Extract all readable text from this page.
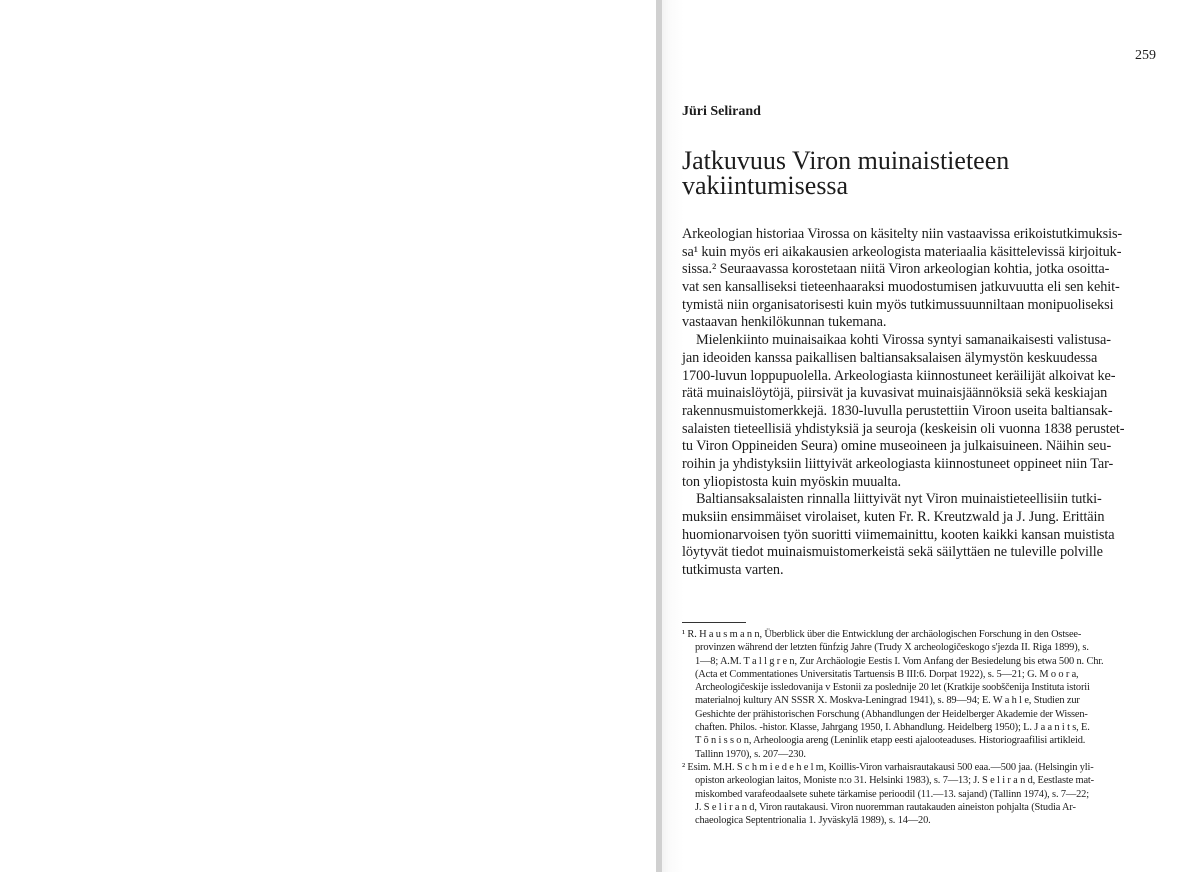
259
Jüri Selirand
Jatkuvuus Viron muinaistieteen
vakiintumisessa
Arkeologian historiaa Virossa on käsitelty niin vastaavissa erikoistutkimuksis-
sa¹ kuin myös eri aikakausien arkeologista materiaalia käsittelevissä kirjoituk-
sissa.² Seuraavassa korostetaan niitä Viron arkeologian kohtia, jotka osoitta-
vat sen kansalliseksi tieteenhaaraksi muodostumisen jatkuvuutta eli sen kehit-
tymistä niin organisatorisesti kuin myös tutkimussuunniltaan monipuoliseksi
vastaavan henkilökunnan tukemana.
Mielenkiinto muinaisaikaa kohti Virossa syntyi samanaikaisesti valistusa-
jan ideoiden kanssa paikallisen baltiansaksalaisen älymystön keskuudessa
1700-luvun loppupuolella. Arkeologiasta kiinnostuneet keräilijät alkoivat ke-
rätä muinaislöytöjä, piirsivät ja kuvasivat muinaisjäännöksiä sekä keskiajan
rakennusmuistomerkkejä. 1830-luvulla perustettiin Viroon useita baltiansak-
salaisten tieteellisiä yhdistyksiä ja seuroja (keskeisin oli vuonna 1838 perustet-
tu Viron Oppineiden Seura) omine museoineen ja julkaisuineen. Näihin seu-
roihin ja yhdistyksiin liittyivät arkeologiasta kiinnostuneet oppineet niin Tar-
ton yliopistosta kuin myöskin muualta.
Baltiansaksalaisten rinnalla liittyivät nyt Viron muinaistieteellisiin tutki-
muksiin ensimmäiset virolaiset, kuten Fr. R. Kreutzwald ja J. Jung. Erittäin
huomionarvoisen työn suoritti viimemainittu, kooten kaikki kansan muistista
löytyvät tiedot muinaismuistomerkeistä sekä säilyttäen ne tuleville polville
tutkimusta varten.
¹ R. H a u s m a n n, Überblick über die Entwicklung der archäologischen Forschung in den Ostsee-
provinzen während der letzten fünfzig Jahre (Trudy X archeologičeskogo s'jezda II. Riga 1899), s.
1—8; A.M. T a l l g r e n, Zur Archäologie Eestis I. Vom Anfang der Besiedelung bis etwa 500 n. Chr.
(Acta et Commentationes Universitatis Tartuensis B III:6. Dorpat 1922), s. 5—21; G. M o o r a,
Archeologičeskije issledovanija v Estonii za poslednije 20 let (Kratkije soobščenija Instituta istorii
materialnoj kultury AN SSSR X. Moskva-Leningrad 1941), s. 89—94; E. W a h l e, Studien zur
Geshichte der prähistorischen Forschung (Abhandlungen der Heidelberger Akademie der Wissen-
chaften. Philos. -histor. Klasse, Jahrgang 1950, I. Abhandlung. Heidelberg 1950); L. J a a n i t s, E.
T õ n i s s o n, Arheoloogia areng (Leninlik etapp eesti ajalooteaduses. Historiograafilisi artikleid.
Tallinn 1970), s. 207—230.
² Esim. M.H. S c h m i e d e h e l m, Koillis-Viron varhaisrautakausi 500 eaa.—500 jaa. (Helsingin yli-
opiston arkeologian laitos, Moniste n:o 31. Helsinki 1983), s. 7—13; J. S e l i r a n d, Eestlaste mat-
miskombed varafeodaalsete suhete tärkamise perioodil (11.—13. sajand) (Tallinn 1974), s. 7—22;
J. S e l i r a n d, Viron rautakausi. Viron nuoremman rautakauden aineiston pohjalta (Studia Ar-
chaeologica Septentrionalia 1. Jyväskylä 1989), s. 14—20.
